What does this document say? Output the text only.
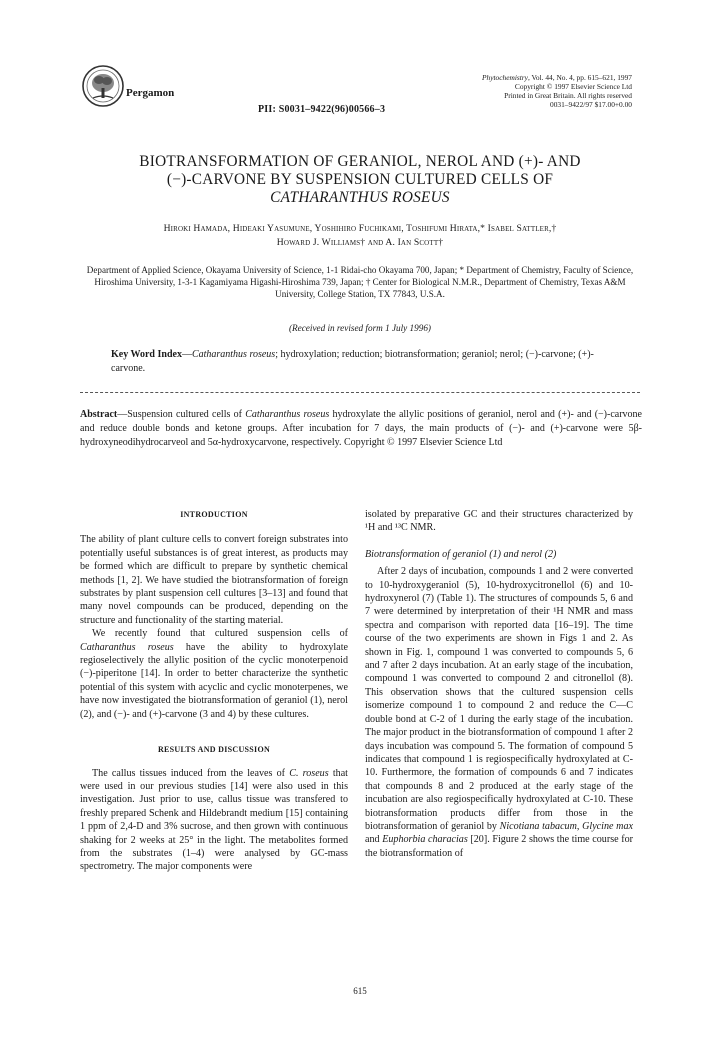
Pergamon
Phytochemistry, Vol. 44, No. 4, pp. 615–621, 1997
Copyright © 1997 Elsevier Science Ltd
Printed in Great Britain. All rights reserved
0031–9422/97 $17.00+0.00
PII: S0031–9422(96)00566–3
BIOTRANSFORMATION OF GERANIOL, NEROL AND (+)- AND
(−)-CARVONE BY SUSPENSION CULTURED CELLS OF
CATHARANTHUS ROSEUS
Hiroki Hamada, Hideaki Yasumune, Yoshihiro Fuchikami, Toshifumi Hirata,* Isabel Sattler,†
Howard J. Williams† and A. Ian Scott†
Department of Applied Science, Okayama University of Science, 1-1 Ridai-cho Okayama 700, Japan; * Department of Chemistry, Faculty of Science, Hiroshima University, 1-3-1 Kagamiyama Higashi-Hiroshima 739, Japan; † Center for Biological N.M.R., Department of Chemistry, Texas A&M University, College Station, TX 77843, U.S.A.
(Received in revised form 1 July 1996)
Key Word Index—Catharanthus roseus; hydroxylation; reduction; biotransformation; geraniol; nerol; (−)-carvone; (+)-carvone.
Abstract—Suspension cultured cells of Catharanthus roseus hydroxylate the allylic positions of geraniol, nerol and (+)- and (−)-carvone and reduce double bonds and ketone groups. After incubation for 7 days, the main products of (−)- and (+)-carvone were 5β-hydroxyneodihydrocarveol and 5α-hydroxycarvone, respectively. Copyright © 1997 Elsevier Science Ltd

INTRODUCTION

The ability of plant culture cells to convert foreign substrates into potentially useful substances is of great interest, as products may be formed which are difficult to prepare by synthetic chemical methods [1, 2]. We have studied the biotransformation of foreign substrates by plant suspension cell cultures [3–13] and found that many novel compounds can be produced, depending on the structure and functionality of the starting material.

We recently found that cultured suspension cells of Catharanthus roseus have the ability to hydroxylate regioselectively the allylic position of the cyclic monoterpenoid (−)-piperitone [14]. In order to better characterize the synthetic potential of this system with acyclic and cyclic monoterpenes, we have now investigated the biotransformation of geraniol (1), nerol (2), and (−)- and (+)-carvone (3 and 4) by these cultures.

RESULTS AND DISCUSSION

The callus tissues induced from the leaves of C. roseus that were used in our previous studies [14] were also used in this investigation. Just prior to use, callus tissue was transfered to freshly prepared Schenk and Hildebrandt medium [15] containing 1 ppm of 2,4-D and 3% sucrose, and then grown with continuous shaking for 2 weeks at 25° in the light. The metabolites formed from the substrates (1–4) were analysed by GC-mass spectrometry. The major components were

isolated by preparative GC and their structures characterized by ¹H and ¹³C NMR.

Biotransformation of geraniol (1) and nerol (2)

After 2 days of incubation, compounds 1 and 2 were converted to 10-hydroxygeraniol (5), 10-hydroxycitronellol (6) and 10-hydroxynerol (7) (Table 1). The structures of compounds 5, 6 and 7 were determined by interpretation of their ¹H NMR and mass spectra and comparison with reported data [16–19]. The time course of the two experiments are shown in Figs 1 and 2. As shown in Fig. 1, compound 1 was converted to compounds 5, 6 and 7 after 2 days incubation. At an early stage of the incubation, compound 1 was converted to compound 2 and citronellol (8). This observation shows that the cultured suspension cells isomerize compound 1 to compound 2 and reduce the C—C double bond at C-2 of 1 during the early stage of the incubation. The major product in the biotransformation of compound 1 after 2 days incubation was compound 5. The formation of compound 5 indicates that compound 1 is regiospecifically hydroxylated at C-10. Furthermore, the formation of compounds 6 and 7 indicates that compounds 8 and 2 produced at the early stage of the incubation are also regiospecifically hydroxylated at C-10. These biotransformation products differ from those in the biotransformation of geraniol by Nicotiana tabacum, Glycine max and Euphorbia characias [20]. Figure 2 shows the time course for the biotransformation of

615
